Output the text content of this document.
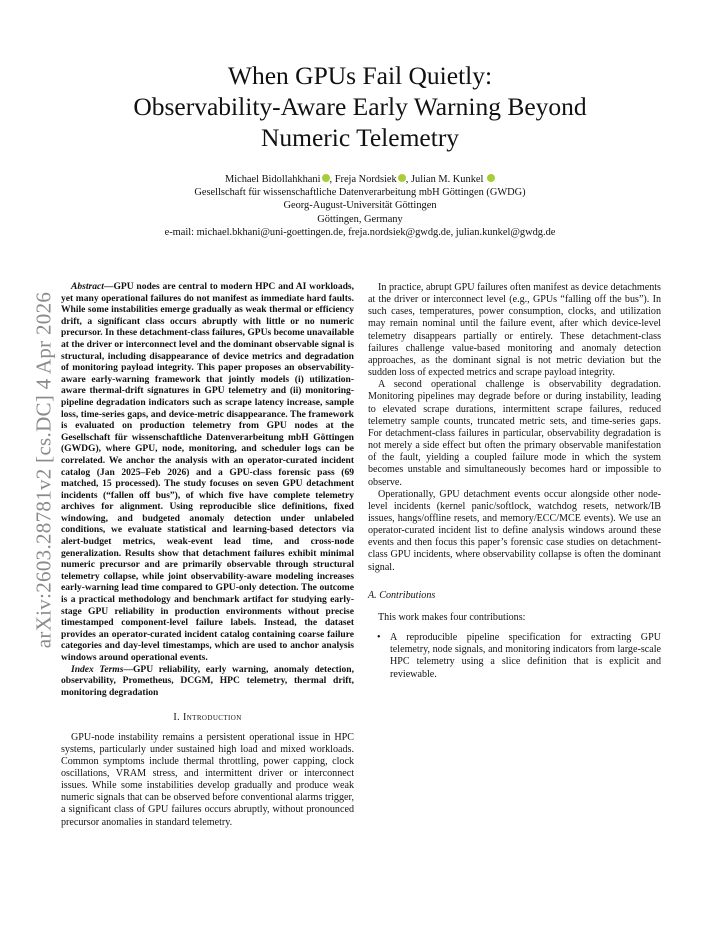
When GPUs Fail Quietly:
Observability-Aware Early Warning Beyond
Numeric Telemetry
Michael Bidollahkhani , Freja Nordsiek , Julian M. Kunkel
Gesellschaft für wissenschaftliche Datenverarbeitung mbH Göttingen (GWDG)
Georg-August-Universität Göttingen
Göttingen, Germany
e-mail: michael.bkhani@uni-goettingen.de, freja.nordsiek@gwdg.de, julian.kunkel@gwdg.de
arXiv:2603.28781v2 [cs.DC] 4 Apr 2026

Abstract—GPU nodes are central to modern HPC and AI workloads, yet many operational failures do not manifest as immediate hard faults. While some instabilities emerge gradually as weak thermal or efficiency drift, a significant class occurs abruptly with little or no numeric precursor. In these detachment-class failures, GPUs become unavailable at the driver or interconnect level and the dominant observable signal is structural, including disappearance of device metrics and degradation of monitoring payload integrity. This paper proposes an observability-aware early-warning framework that jointly models (i) utilization-aware thermal-drift signatures in GPU telemetry and (ii) monitoring-pipeline degradation indicators such as scrape latency increase, sample loss, time-series gaps, and device-metric disappearance. The framework is evaluated on production telemetry from GPU nodes at the Gesellschaft für wissenschaftliche Datenverarbeitung mbH Göttingen (GWDG), where GPU, node, monitoring, and scheduler logs can be correlated. We anchor the analysis with an operator-curated incident catalog (Jan 2025–Feb 2026) and a GPU-class forensic pass (69 matched, 15 processed). The study focuses on seven GPU detachment incidents (“fallen off bus”), of which five have complete telemetry archives for alignment. Using reproducible slice definitions, fixed windowing, and budgeted anomaly detection under unlabeled conditions, we evaluate statistical and learning-based detectors via alert-budget metrics, weak-event lead time, and cross-node generalization. Results show that detachment failures exhibit minimal numeric precursor and are primarily observable through structural telemetry collapse, while joint observability-aware modeling increases early-warning lead time compared to GPU-only detection. The outcome is a practical methodology and benchmark artifact for studying early-stage GPU reliability in production environments without precise timestamped component-level failure labels. Instead, the dataset provides an operator-curated incident catalog containing coarse failure categories and day-level timestamps, which are used to anchor analysis windows around operational events.

Index Terms—GPU reliability, early warning, anomaly detection, observability, Prometheus, DCGM, HPC telemetry, thermal drift, monitoring degradation

I. Introduction

GPU-node instability remains a persistent operational issue in HPC systems, particularly under sustained high load and mixed workloads. Common symptoms include thermal throttling, power capping, clock oscillations, VRAM stress, and intermittent driver or interconnect issues. While some instabilities develop gradually and produce weak numeric signals that can be observed before conventional alarms trigger, a significant class of GPU failures occurs abruptly, without pronounced precursor anomalies in standard telemetry.

In practice, abrupt GPU failures often manifest as device detachments at the driver or interconnect level (e.g., GPUs “falling off the bus”). In such cases, temperatures, power consumption, clocks, and utilization may remain nominal until the failure event, after which device-level telemetry disappears partially or entirely. These detachment-class failures challenge value-based monitoring and anomaly detection approaches, as the dominant signal is not metric deviation but the sudden loss of expected metrics and scrape payload integrity.

A second operational challenge is observability degradation. Monitoring pipelines may degrade before or during instability, leading to elevated scrape durations, intermittent scrape failures, reduced telemetry sample counts, truncated metric sets, and time-series gaps. For detachment-class failures in particular, observability degradation is not merely a side effect but often the primary observable manifestation of the fault, yielding a coupled failure mode in which the system becomes unstable and simultaneously becomes hard or impossible to observe.

Operationally, GPU detachment events occur alongside other node-level incidents (kernel panic/softlock, watchdog resets, network/IB issues, hangs/offline resets, and memory/ECC/MCE events). We use an operator-curated incident list to define analysis windows around these events and then focus this paper’s forensic case studies on detachment-class GPU incidents, where observability collapse is often the dominant signal.

A. Contributions

This work makes four contributions:

• A reproducible pipeline specification for extracting GPU telemetry, node signals, and monitoring indicators from large-scale HPC telemetry using a slice definition that is explicit and reviewable.
